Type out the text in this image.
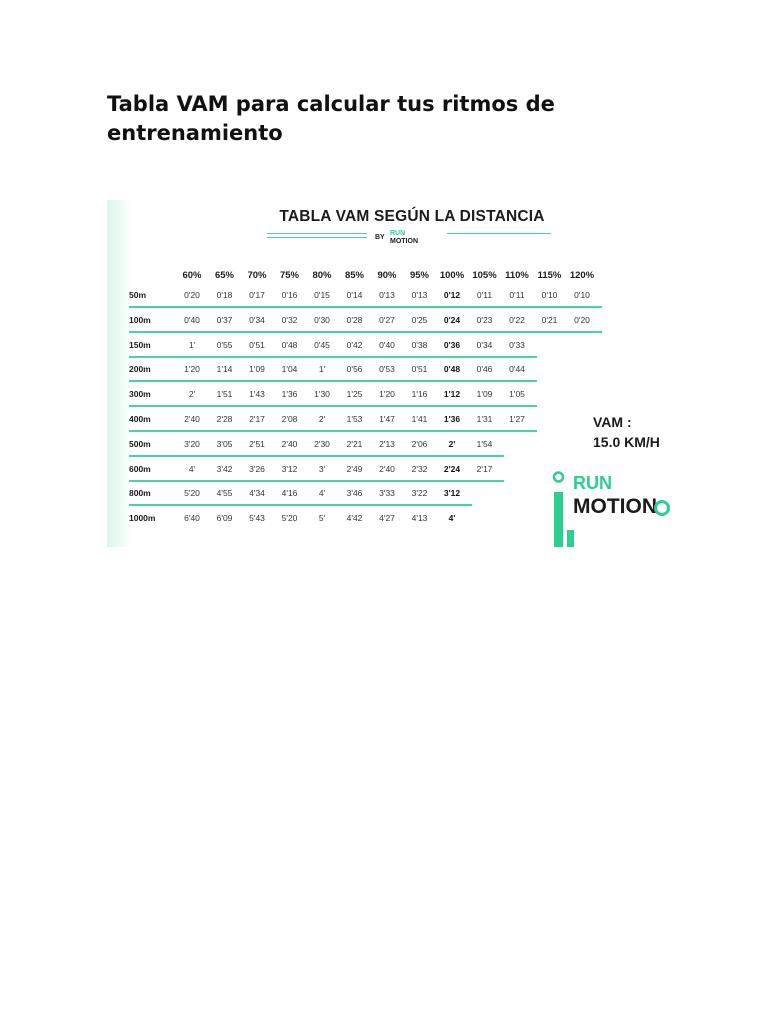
Tabla VAM para calcular tus ritmos de entrenamiento
TABLA VAM SEGÚN LA DISTANCIA
BY
RUN
MOTION
60%	65%	70%	75%	80%	85%	90%	95%	100% 105% 110% 115% 120%
50m	0'20	0'18	0'17	0'16	0'15	0'14	0'13	0'13	0'12	0'11	0'11	0'10	0'10
100m	0'40	0'37	0'34	0'32	0'30	0'28	0'27	0'25	0'24	0'23	0'22	0'21	0'20
150m	1'	0'55	0'51	0'48	0'45	0'42	0'40	0'38	0'36	0'34	0'33
200m	1'20	1'14	1'09	1'04	1'	0'56	0'53	0'51	0'48	0'46	0'44
300m	2'	1'51	1'43	1'36	1'30	1'25	1'20	1'16	1'12	1'09	1'05
400m	2'40	2'28	2'17	2'08	2'	1'53	1'47	1'41	1'36	1'31	1'27
500m	3'20	3'05	2'51	2'40	2'30	2'21	2'13	2'06	2'	1'54
600m	4'	3'42	3'26	3'12	3'	2'49	2'40	2'32	2'24	2'17
800m	5'20	4'55	4'34	4'16	4'	3'46	3'33	3'22	3'12
1000m	6'40	6'09	5'43	5'20	5'	4'42	4'27	4'13	4'
VAM :
15.0 KM/H
RUN
MOTION
